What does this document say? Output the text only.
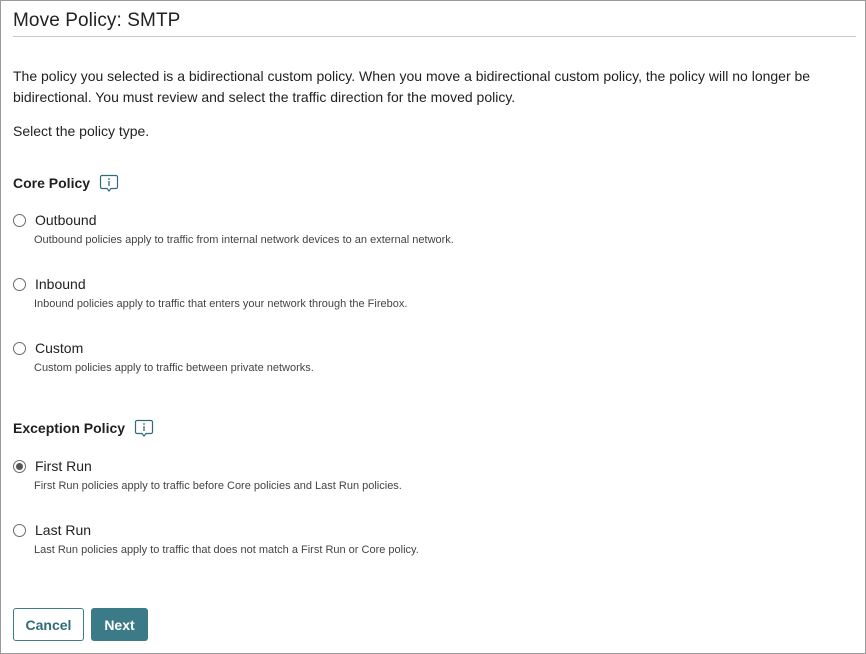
Move Policy: SMTP
The policy you selected is a bidirectional custom policy. When you move a bidirectional custom policy, the policy will no longer be bidirectional. You must review and select the traffic direction for the moved policy.
Select the policy type.
Core Policy
Outbound
Outbound policies apply to traffic from internal network devices to an external network.
Inbound
Inbound policies apply to traffic that enters your network through the Firebox.
Custom
Custom policies apply to traffic between private networks.
Exception Policy
First Run
First Run policies apply to traffic before Core policies and Last Run policies.
Last Run
Last Run policies apply to traffic that does not match a First Run or Core policy.
Cancel	Next
